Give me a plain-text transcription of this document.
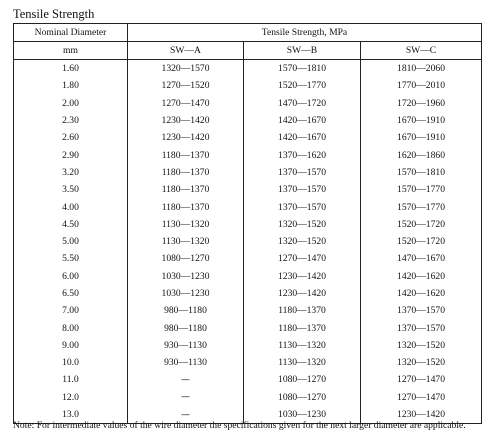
Tensile Strength
Nominal Diameter	Tensile Strength, MPa		
mm	SW—A	SW—B	SW—C
1.60	1320—1570	1570—1810	1810—2060
1.80	1270—1520	1520—1770	1770—2010
2.00	1270—1470	1470—1720	1720—1960
2.30	1230—1420	1420—1670	1670—1910
2.60	1230—1420	1420—1670	1670—1910
2.90	1180—1370	1370—1620	1620—1860
3.20	1180—1370	1370—1570	1570—1810
3.50	1180—1370	1370—1570	1570—1770
4.00	1180—1370	1370—1570	1570—1770
4.50	1130—1320	1320—1520	1520—1720
5.00	1130—1320	1320—1520	1520—1720
5.50	1080—1270	1270—1470	1470—1670
6.00	1030—1230	1230—1420	1420—1620
6.50	1030—1230	1230—1420	1420—1620
7.00	980—1180	1180—1370	1370—1570
8.00	980—1180	1180—1370	1370—1570
9.00	930—1130	1130—1320	1320—1520
10.0	930—1130	1130—1320	1320—1520
11.0	—	1080—1270	1270—1470
12.0	—	1080—1270	1270—1470
13.0	—	1030—1230	1230—1420
Note: For intermediate values of the wire diameter the specifications given for the next larger diameter are applicable.
